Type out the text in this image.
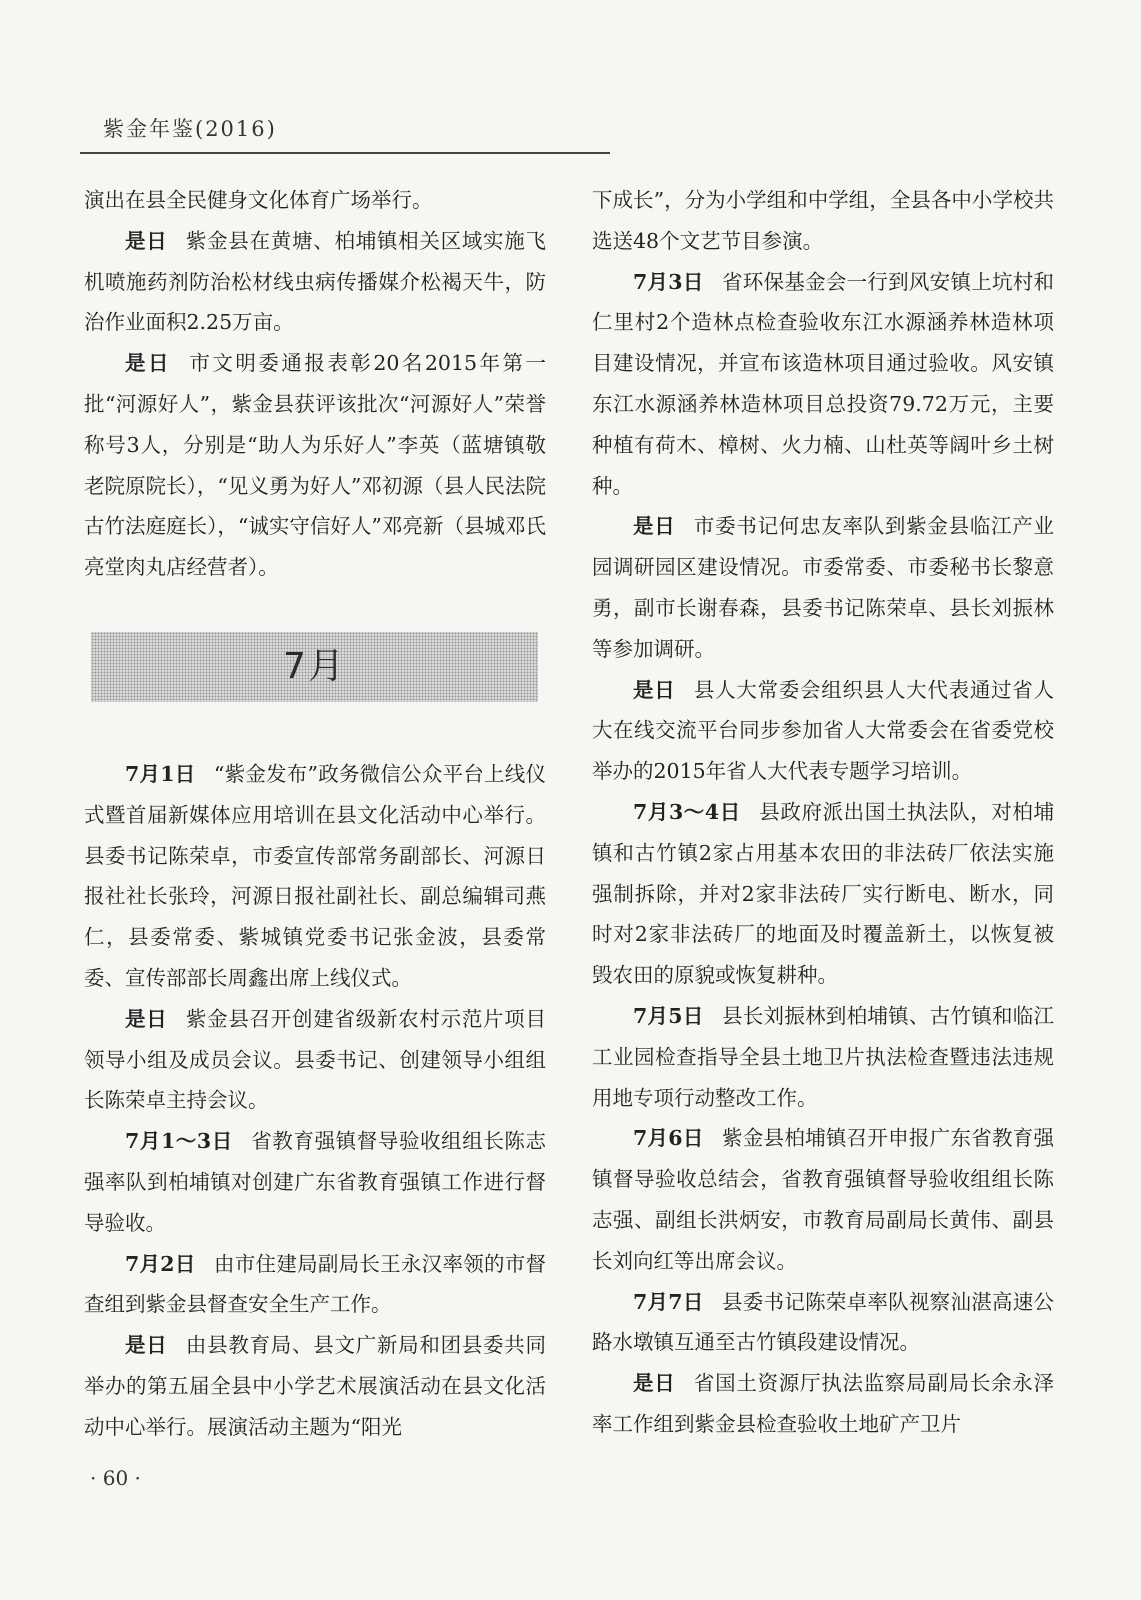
紫金年鉴(2016)

演出在县全民健身文化体育广场举行。

是日 紫金县在黄塘、柏埔镇相关区域实施飞机喷施药剂防治松材线虫病传播媒介松褐天牛，防治作业面积2.25万亩。

是日 市文明委通报表彰20名2015年第一批“河源好人”，紫金县获评该批次“河源好人”荣誉称号3人，分别是“助人为乐好人”李英（蓝塘镇敬老院原院长），“见义勇为好人”邓初源（县人民法院古竹法庭庭长），“诚实守信好人”邓亮新（县城邓氏亮堂肉丸店经营者）。

7月

7月1日 “紫金发布”政务微信公众平台上线仪式暨首届新媒体应用培训在县文化活动中心举行。县委书记陈荣卓，市委宣传部常务副部长、河源日报社社长张玲，河源日报社副社长、副总编辑司燕仁，县委常委、紫城镇党委书记张金波，县委常委、宣传部部长周鑫出席上线仪式。

是日 紫金县召开创建省级新农村示范片项目领导小组及成员会议。县委书记、创建领导小组组长陈荣卓主持会议。

7月1～3日 省教育强镇督导验收组组长陈志强率队到柏埔镇对创建广东省教育强镇工作进行督导验收。

7月2日 由市住建局副局长王永汉率领的市督查组到紫金县督查安全生产工作。

是日 由县教育局、县文广新局和团县委共同举办的第五届全县中小学艺术展演活动在县文化活动中心举行。展演活动主题为“阳光

下成长”，分为小学组和中学组，全县各中小学校共选送48个文艺节目参演。

7月3日 省环保基金会一行到风安镇上坑村和仁里村2个造林点检查验收东江水源涵养林造林项目建设情况，并宣布该造林项目通过验收。风安镇东江水源涵养林造林项目总投资79.72万元，主要种植有荷木、樟树、火力楠、山杜英等阔叶乡土树种。

是日 市委书记何忠友率队到紫金县临江产业园调研园区建设情况。市委常委、市委秘书长黎意勇，副市长谢春森，县委书记陈荣卓、县长刘振林等参加调研。

是日 县人大常委会组织县人大代表通过省人大在线交流平台同步参加省人大常委会在省委党校举办的2015年省人大代表专题学习培训。

7月3～4日 县政府派出国土执法队，对柏埔镇和古竹镇2家占用基本农田的非法砖厂依法实施强制拆除，并对2家非法砖厂实行断电、断水，同时对2家非法砖厂的地面及时覆盖新土，以恢复被毁农田的原貌或恢复耕种。

7月5日 县长刘振林到柏埔镇、古竹镇和临江工业园检查指导全县土地卫片执法检查暨违法违规用地专项行动整改工作。

7月6日 紫金县柏埔镇召开申报广东省教育强镇督导验收总结会，省教育强镇督导验收组组长陈志强、副组长洪炳安，市教育局副局长黄伟、副县长刘向红等出席会议。

7月7日 县委书记陈荣卓率队视察汕湛高速公路水墩镇互通至古竹镇段建设情况。

是日 省国土资源厅执法监察局副局长余永泽率工作组到紫金县检查验收土地矿产卫片

· 60 ·
